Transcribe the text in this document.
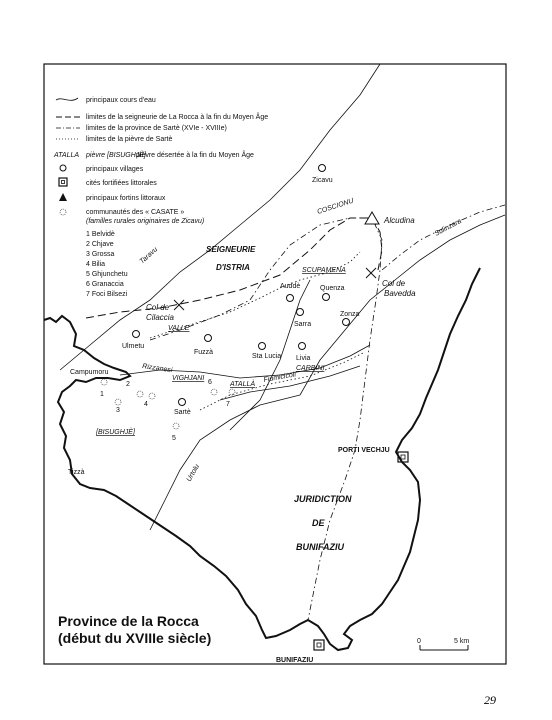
0	5 km
principaux cours d'eau
limites de la seigneurie de La Rocca à la fin du Moyen Âge
limites de la province de Sartè (XVIe - XVIIIe)
limites de la pièvre de Sartè
ATALLA pièvre [BISUGHJÈ]
pièvre désertée à la fin du Moyen Âge
principaux villages
cités fortifiées littorales
principaux fortins littoraux
communautés des « CASATE »
(familles rurales originaires de Zicavu)
1 Belvidè
2 Chjave
3 Grossa
4 Bilia
5 Ghjunchetu
6 Granaccia
7 Foci Bilsezi
Zicavu
COSCIONU
Alcudina	Sulinzara
Taravu	SEIGNEURIE
D'ISTRIA	SCUPAMENA
Auddè	Quenza
Sarra
Zonza
Col de
Bavedda
Col de
Cilaccia
VALLE
Ulmetu
Fuzzà
Sta Lucia Livia
CARBINI
Fiumicicoli
ATALLÀ
VIGHJANI
Rizzanesi
Campumoru
Sartè
[BISUGHJÈ]
Urtolu
Tizzà
PORTI VECHJU
JURIDICTION
DE
BUNIFAZIU
BUNIFAZIU
1
2
3
4
5
6
7
Province de la Rocca
(début du XVIIIe siècle)
29
